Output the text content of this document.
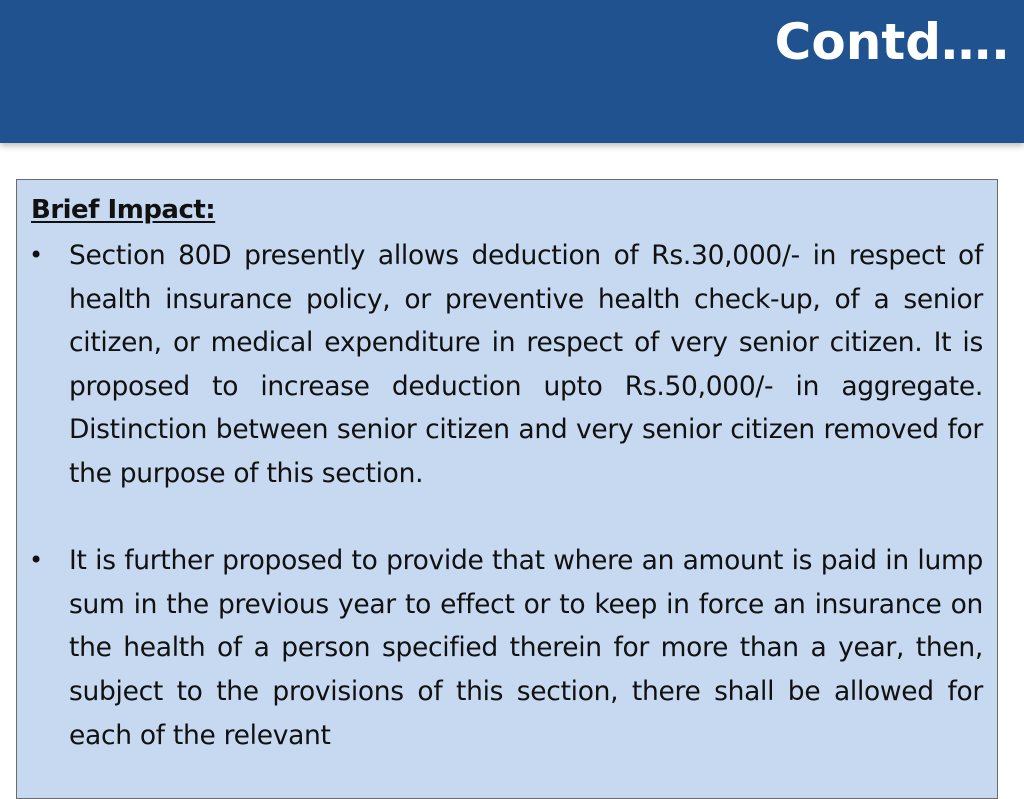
Contd….
Brief Impact:
• Section 80D presently allows deduction of Rs.30,000/- in respect of health insurance policy, or preventive health check-up, of a senior citizen, or medical expenditure in respect of very senior citizen. It is proposed to increase deduction upto Rs.50,000/- in aggregate. Distinction between senior citizen and very senior citizen removed for the purpose of this section.

• It is further proposed to provide that where an amount is paid in lump sum in the previous year to effect or to keep in force an insurance on the health of a person specified therein for more than a year, then, subject to the provisions of this section, there shall be allowed for each of the relevant
